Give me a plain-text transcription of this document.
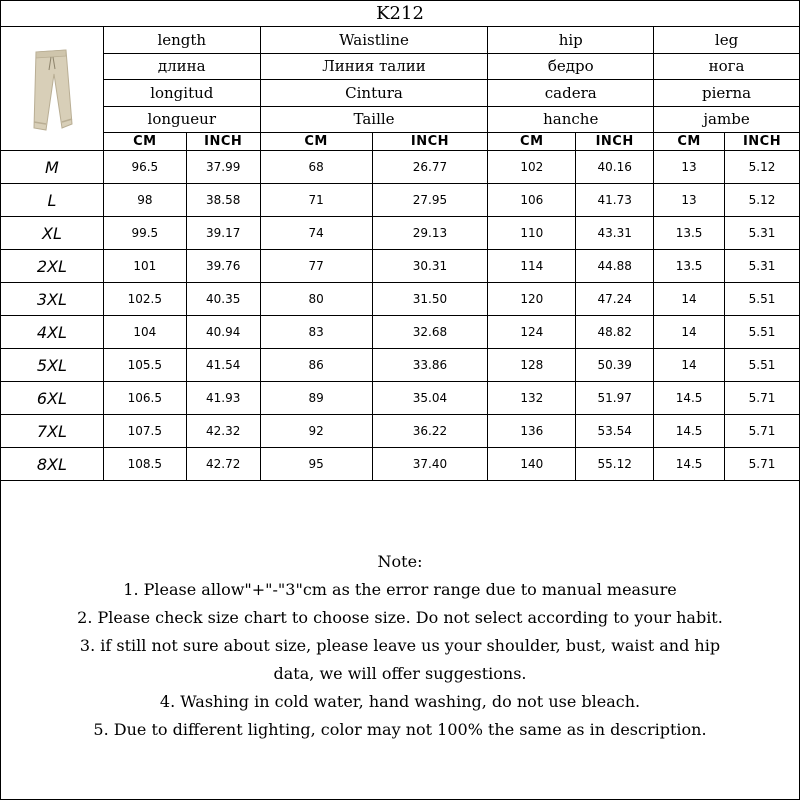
K212
	length		Waistline		hip		leg	
	длина		Линия талии		бедро		нога	
	longitud		Cintura		cadera		pierna	
	longueur		Taille		hanche		jambe	
	CM	INCH	CM	INCH	CM	INCH	CM	INCH
M	96.5	37.99	68	26.77	102	40.16	13	5.12
L	98	38.58	71	27.95	106	41.73	13	5.12
XL	99.5	39.17	74	29.13	110	43.31	13.5	5.31
2XL	101	39.76	77	30.31	114	44.88	13.5	5.31
3XL	102.5	40.35	80	31.50	120	47.24	14	5.51
4XL	104	40.94	83	32.68	124	48.82	14	5.51
5XL	105.5	41.54	86	33.86	128	50.39	14	5.51
6XL	106.5	41.93	89	35.04	132	51.97	14.5	5.71
7XL	107.5	42.32	92	36.22	136	53.54	14.5	5.71
8XL	108.5	42.72	95	37.40	140	55.12	14.5	5.71
Note:
1. Please allow"+"-"3"cm as the error range due to manual measure
2. Please check size chart to choose size. Do not select according to your habit.
3. if still not sure about size, please leave us your shoulder, bust, waist and hip
data, we will offer suggestions.
4. Washing in cold water, hand washing, do not use bleach.
5. Due to different lighting, color may not 100% the same as in description.
